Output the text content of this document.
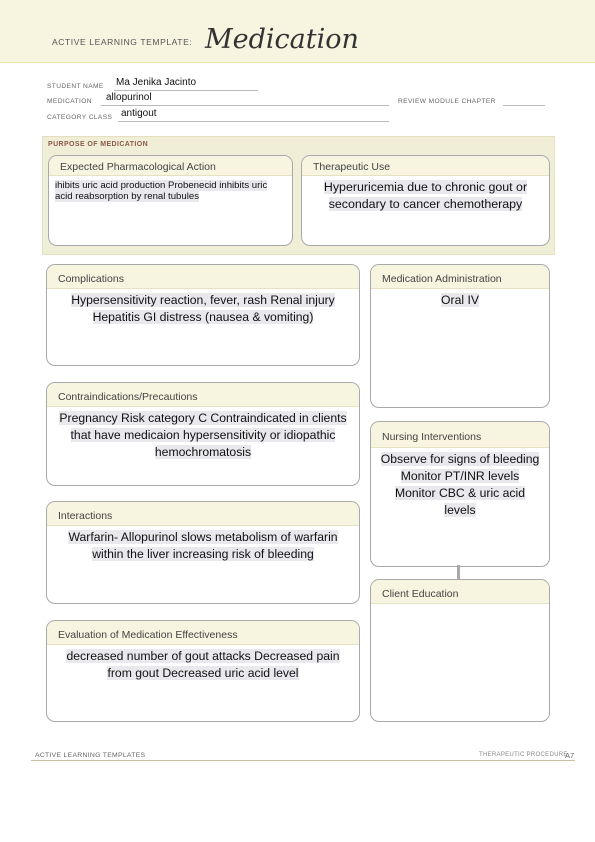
ACTIVE LEARNING TEMPLATE: Medication
STUDENT NAME Ma Jenika Jacinto
MEDICATION allopurinol	REVIEW MODULE CHAPTER
CATEGORY CLASS antigout
PURPOSE OF MEDICATION
Expected Pharmacological Action
ihibits uric acid production Probenecid inhibits uric acid reabsorption by renal tubules
Therapeutic Use
Hyperuricemia due to chronic gout or secondary to cancer chemotherapy
Complications
Hypersensitivity reaction, fever, rash Renal injury Hepatitis GI distress (nausea & vomiting)
Contraindications/Precautions
Pregnancy Risk category C Contraindicated in clients that have medicaion hypersensitivity or idiopathic hemochromatosis
Interactions
Warfarin- Allopurinol slows metabolism of warfarin within the liver increasing risk of bleeding
Evaluation of Medication Effectiveness
decreased number of gout attacks Decreased pain from gout Decreased uric acid level
Medication Administration
Oral IV
Nursing Interventions
Observe for signs of bleeding Monitor PT/INR levels Monitor CBC & uric acid levels
Client Education
ACTIVE LEARNING TEMPLATES	THERAPEUTIC PROCEDURE
A7
